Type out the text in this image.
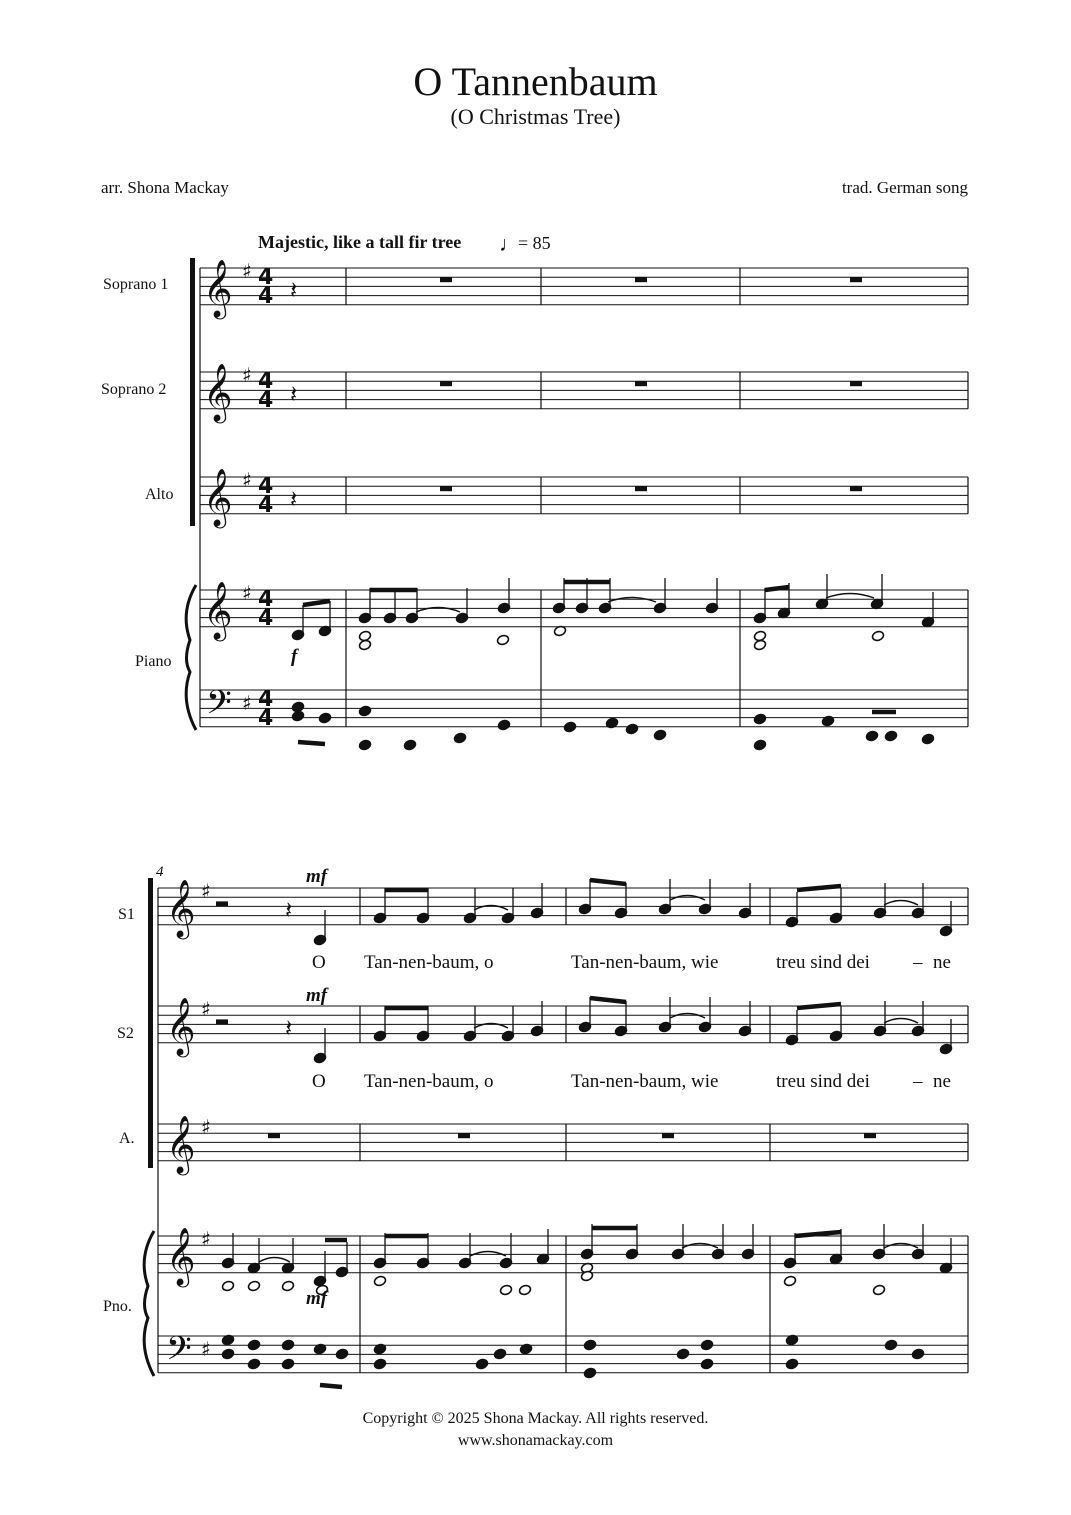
𝄞 ♯ 4
4 𝄽
𝄞 ♯ 4
4 𝄽
𝄞 ♯ 4
4 𝄽
𝄞 ♯ 4
4
𝄢 ♯ 4
4
𝄞 ♯
𝄞 ♯
𝄞 ♯
𝄽
𝄽
𝄞 ♯
𝄢 ♯
O Tannenbaum
(O Christmas Tree)
arr. Shona Mackay	trad. German song
Majestic, like a tall fir tree ♩
= 85
Soprano 1
Soprano 2
Alto
Piano	f
4
S1
S2
A.
Pno.
mf
mf
mf
O Tan-nen-baum, o	Tan-nen-baum, wie	treu sind dei – ne
O Tan-nen-baum, o	Tan-nen-baum, wie	treu sind dei – ne
Copyright © 2025 Shona Mackay. All rights reserved.
www.shonamackay.com
